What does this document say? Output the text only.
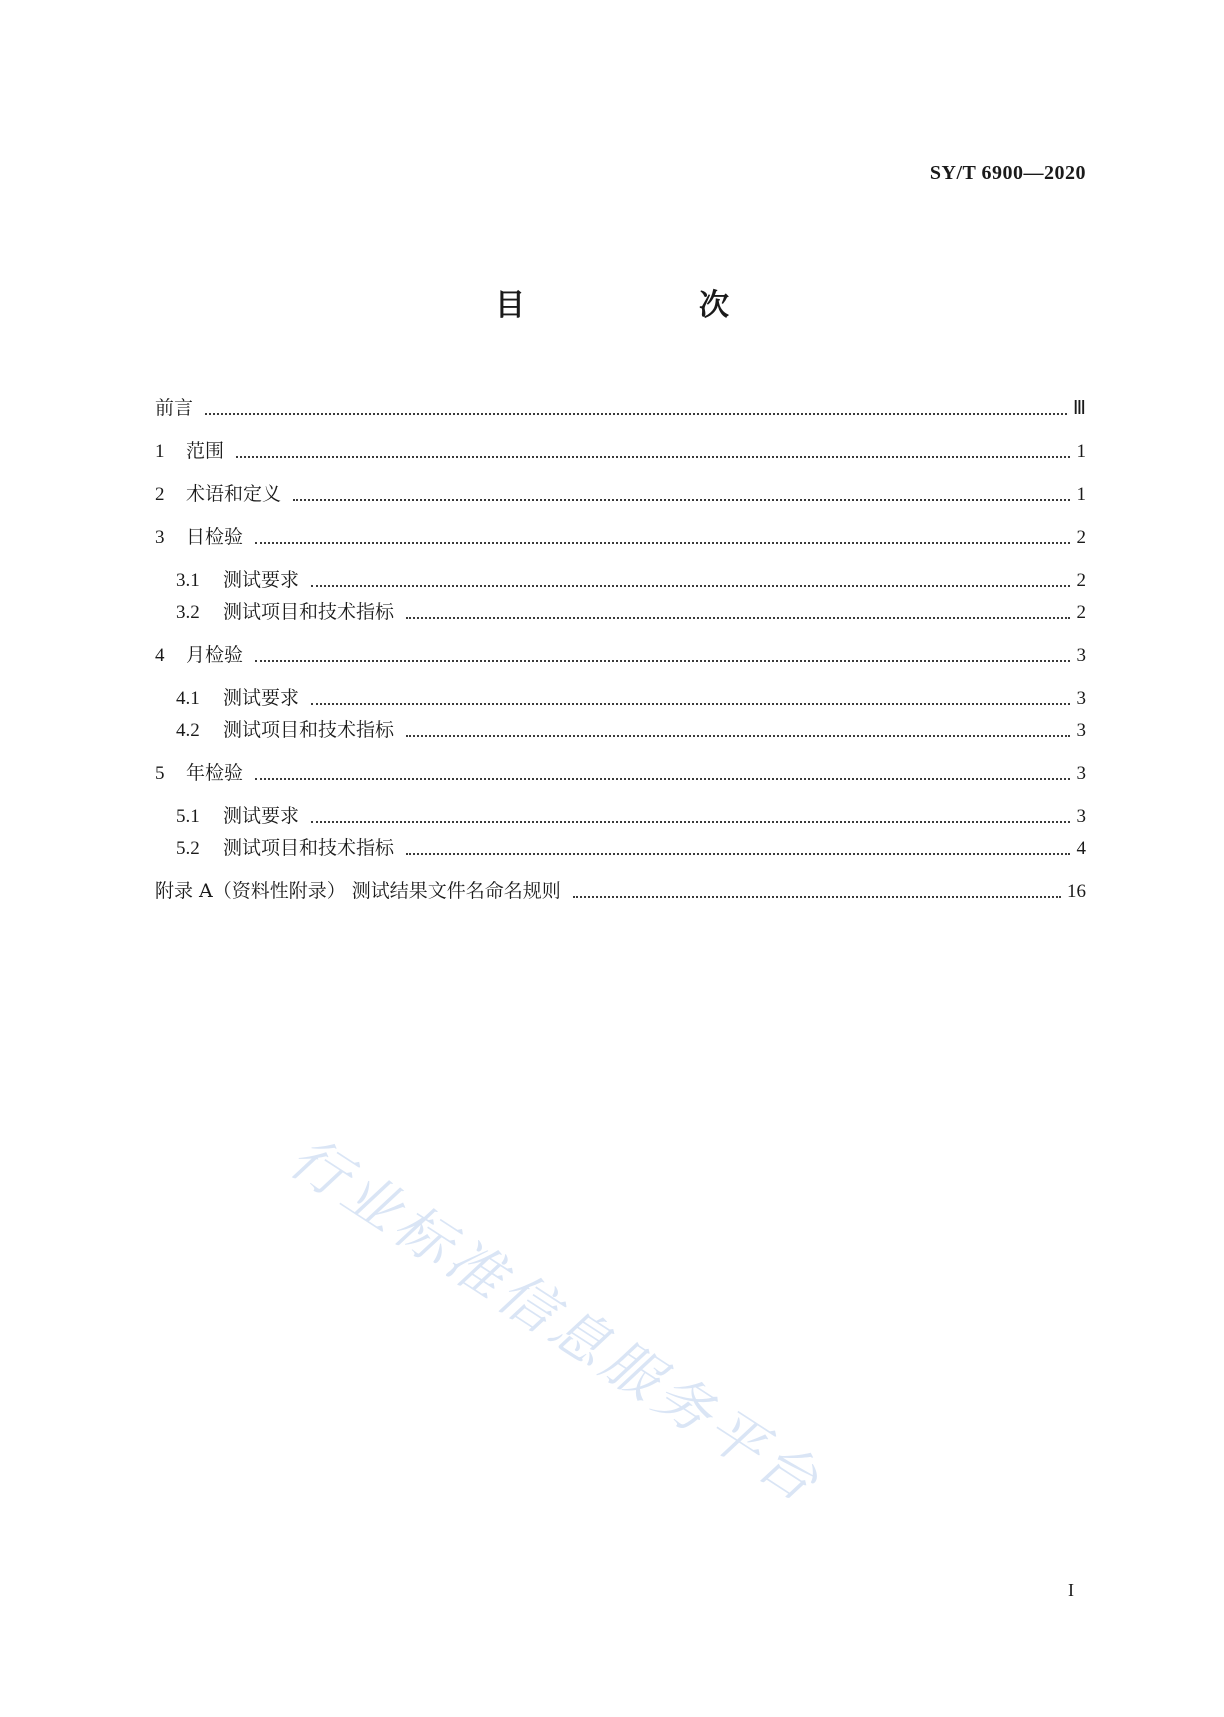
SY/T 6900—2020
目　次
前言	Ⅲ
1	范围	1
2	术语和定义	1
3	日检验	2
3.1	测试要求	2
3.2	测试项目和技术指标	2
4	月检验	3
4.1	测试要求	3
4.2	测试项目和技术指标	3
5	年检验	3
5.1	测试要求	3
5.2	测试项目和技术指标	4
附录 A（资料性附录） 测试结果文件名命名规则	16
行业标准信息服务平台
I
